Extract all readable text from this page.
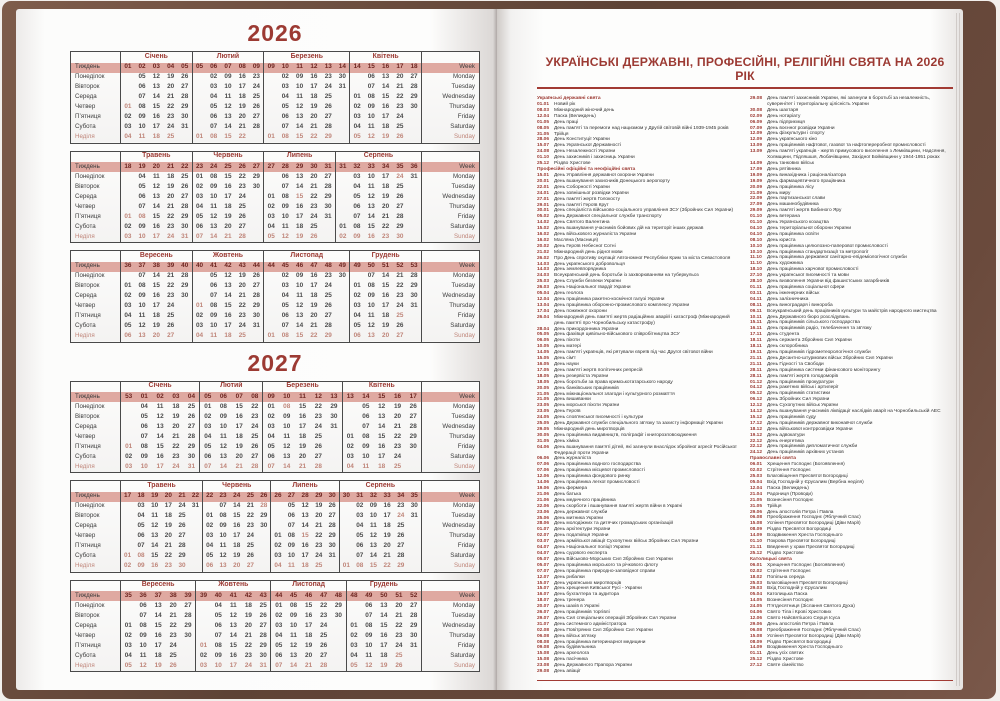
2026
	Січень					Лютий					Березень						Квітень					
Тиждень	01	02	03	04	05	05	06	07	08	09	09	10	11	12	13	14	14	15	16	17	18	Week
Понеділок		05	12	19	26		02	09	16	23		02	09	16	23	30		06	13	20	27	Monday
Вівторок		06	13	20	27		03	10	17	24		03	10	17	24	31		07	14	21	28	Tuesday
Середа		07	14	21	28		04	11	18	25		04	11	18	25		01	08	15	22	29	Wednesday
Четвер	01	08	15	22	29		05	12	19	26		05	12	19	26		02	09	16	23	30	Thursday
П’ятниця	02	09	16	23	30		06	13	20	27		06	13	20	27		03	10	17	24		Friday
Субота	03	10	17	24	31		07	14	21	28		07	14	21	28		04	11	18	25		Saturday
Неділя	04	11	18	25		01	08	15	22		01	08	15	22	29		05	12	19	26		Sunday
	Травень					Червень					Липень					Серпень						
Тиждень	18	19	20	21	22	23	24	25	26	27	27	28	29	30	31	31	32	33	34	35	36	Week
Понеділок		04	11	18	25	01	08	15	22	29		06	13	20	27		03	10	17	24	31	Monday
Вівторок		05	12	19	26	02	09	16	23	30		07	14	21	28		04	11	18	25		Tuesday
Середа		06	13	20	27	03	10	17	24		01	08	15	22	29		05	12	19	26		Wednesday
Четвер		07	14	21	28	04	11	18	25		02	09	16	23	30		06	13	20	27		Thursday
П’ятниця	01	08	15	22	29	05	12	19	26		03	10	17	24	31		07	14	21	28		Friday
Субота	02	09	16	23	30	06	13	20	27		04	11	18	25		01	08	15	22	29		Saturday
Неділя	03	10	17	24	31	07	14	21	28		05	12	19	26		02	09	16	23	30		Sunday
	Вересень					Жовтень					Листопад						Грудень					
Тиждень	36	37	38	39	40	40	41	42	43	44	44	45	46	47	48	49	49	50	51	52	53	Week
Понеділок		07	14	21	28		05	12	19	26		02	09	16	23	30		07	14	21	28	Monday
Вівторок	01	08	15	22	29		06	13	20	27		03	10	17	24		01	08	15	22	29	Tuesday
Середа	02	09	16	23	30		07	14	21	28		04	11	18	25		02	09	16	23	30	Wednesday
Четвер	03	10	17	24		01	08	15	22	29		05	12	19	26		03	10	17	24	31	Thursday
П’ятниця	04	11	18	25		02	09	16	23	30		06	13	20	27		04	11	18	25		Friday
Субота	05	12	19	26		03	10	17	24	31		07	14	21	28		05	12	19	26		Saturday
Неділя	06	13	20	27		04	11	18	25		01	08	15	22	29		06	13	20	27		Sunday
2027
	Січень					Лютий				Березень					Квітень					
Тиждень	53	01	02	03	04	05	06	07	08	09	10	11	12	13	13	14	15	16	17	Week
Понеділок		04	11	18	25	01	08	15	22	01	08	15	22	29		05	12	19	26	Monday
Вівторок		05	12	19	26	02	09	16	23	02	09	16	23	30		06	13	20	27	Tuesday
Середа		06	13	20	27	03	10	17	24	03	10	17	24	31		07	14	21	28	Wednesday
Четвер		07	14	21	28	04	11	18	25	04	11	18	25		01	08	15	22	29	Thursday
П’ятниця	01	08	15	22	29	05	12	19	26	05	12	19	26		02	09	16	23	30	Friday
Субота	02	09	16	23	30	06	13	20	27	06	13	20	27		03	10	17	24		Saturday
Неділя	03	10	17	24	31	07	14	21	28	07	14	21	28		04	11	18	25		Sunday
	Травень						Червень					Липень					Серпень						
Тиждень	17	18	19	20	21	22	22	23	24	25	26	26	27	28	29	30	30	31	32	33	34	35	Week
Понеділок		03	10	17	24	31		07	14	21	28		05	12	19	26		02	09	16	23	30	Monday
Вівторок		04	11	18	25		01	08	15	22	29		06	13	20	27		03	10	17	24	31	Tuesday
Середа		05	12	19	26		02	09	16	23	30		07	14	21	28		04	11	18	25		Wednesday
Четвер		06	13	20	27		03	10	17	24		01	08	15	22	29		05	12	19	26		Thursday
П’ятниця		07	14	21	28		04	11	18	25		02	09	16	23	30		06	13	20	27		Friday
Субота	01	08	15	22	29		05	12	19	26		03	10	17	24	31		07	14	21	28		Saturday
Неділя	02	09	16	23	30		06	13	20	27		04	11	18	25		01	08	15	22	29		Sunday
	Вересень					Жовтень					Листопад					Грудень					
Тиждень	35	36	37	38	39	39	40	41	42	43	44	45	46	47	48	48	49	50	51	52	Week
Понеділок		06	13	20	27		04	11	18	25	01	08	15	22	29		06	13	20	27	Monday
Вівторок		07	14	21	28		05	12	19	26	02	09	16	23	30		07	14	21	28	Tuesday
Середа	01	08	15	22	29		06	13	20	27	03	10	17	24		01	08	15	22	29	Wednesday
Четвер	02	09	16	23	30		07	14	21	28	04	11	18	25		02	09	16	23	30	Thursday
П’ятниця	03	10	17	24		01	08	15	22	29	05	12	19	26		03	10	17	24	31	Friday
Субота	04	11	18	25		02	09	16	23	30	06	13	20	27		04	11	18	25		Saturday
Неділя	05	12	19	26		03	10	17	24	31	07	14	21	28		05	12	19	26		Sunday
УКРАЇНСЬКІ ДЕРЖАВНІ, ПРОФЕСІЙНІ, РЕЛІГІЙНІ СВЯТА НА 2026 РІК
Українські державні свята
01.01	Новий рік
08.03	Міжнародний жіночий день
12.04	Паска (Великдень)
01.05	День праці
08.05	День пам’яті та перемоги над нацизмом у Другій світовій війні 1939-1945 років
31.05	Трійця
28.06	День Конституції України
15.07	День Української Державності
24.08	День Незалежності України
01.10	День захисників і захисниць України
25.12	Різдво Христове
Професійні офіційні та неофіційні свята
15.01	День Управління державної охорони України
20.01	День вшанування захисників Донецького аеропорту
22.01	День Соборності України
24.01	День зовнішньої розвідки України
27.01	День пам’яті жертв Голокосту
29.01	День пам’яті Героїв Крут
30.01	День спеціаліста військово-соціального управління ЗСУ (Збройних Сил України)
05.02	День Державної спеціальної служби транспорту
14.02	День Святого Валентина
15.02	День вшанування учасників бойових дій на території інших держав
16.02	День військового журналіста України
16.02	Масляна (Масниця)
20.02	День Героїв Небесної Сотні
21.02	Міжнародний день рідної мови
26.02	Про День спротиву окупації Автономної Республіки Крим та міста Севастополя
14.03	День українського добровольця
14.03	День землевпорядника
24.03	Всеукраїнський день боротьби із захворюванням на туберкульоз
25.03	День Служби безпеки України
26.03	День Національної гвардії України
05.04	День геолога
12.04	День працівника ракетно-космічної галузі України
13.04	День працівника оборонно-промислового комплексу України
17.04	День пожежної охорони
26.04	Міжнародний день пам’яті жертв радіаційних аварій і катастроф (Міжнародний день пам’яті про Чорнобильську катастрофу)
28.04	День прикордонника України
05.05	День фахівця цивільно-військового співробітництва ЗСУ
06.05	День піхоти
10.05	День матері
14.05	День пам’яті українців, які рятували євреїв під час Другої світової війни
15.05	День сім’ї
16.05	День науки
17.05	День пам’яті жертв політичних репресій
18.05	День резервіста України
18.05	День боротьби за права кримськотатарського народу
20.05	День банківських працівників
21.05	День міжнаціональної злагоди і культурного розмаїття
21.05	День вишиванки
23.05	День морської піхоти України
23.05	День Героїв
24.05	День слов’янської писемності і культури
25.05	День Державної служби спеціального зв’язку та захисту інформації України
29.05	Міжнародний день миротворців
30.05	День працівника видавництв, поліграфії і книгорозповсюдження
31.05	День хіміка
04.06	День вшанування пам’яті дітей, які загинули внаслідок збройної агресії Російської Федерації проти України
06.06	День журналіста
07.06	День працівника водного господарства
07.06	День працівника місцевої промисловості
12.06	День працівника фондового ринку
14.06	День працівника легкої промисловості
19.06	День фермера
21.06	День батька
21.06	День медичного працівника
22.06	День скорботи і вшанування пам’яті жертв війни в Україні
23.06	День державної служби
25.06	День митника України
28.06	День молодіжних та дитячих громадських організацій
01.07	День архітектури України
02.07	День податківця України
03.07	День армійської авіації Сухопутних військ Збройних Сил України
04.07	День Національної поліції України
04.07	День судового експерта
05.07	День Військово-Морських Сил Збройних Сил України
05.07	День працівника морського та річкового флоту
07.07	День працівника природно-заповідної справи
12.07	День рибалки
15.07	День українських миротворців
15.07	День хрещення Київської Русі - України
16.07	День бухгалтера та аудитора
18.07	День тренера
20.07	День шахів в Україні
26.07	День працівників торгівлі
29.07	День Сил спеціальних операцій Збройних Сил України
31.07	День системного адміністратора
02.08	День Повітряних Сил Збройних Сил України
06.08	День військ зв’язку
08.08	День працівника ветеринарної медицини
09.08	День будівельника
15.08	День археолога
15.08	День пасічника
23.08	День Державного Прапора України
29.08	День авіації
29.08	День пам’яті захисників України, які загинули в боротьбі за незалежність, суверенітет і територіальну цілісність України
30.08	День шахтаря
02.09	День нотаріату
06.09	День підприємця
07.09	День воєнної розвідки України
12.09	День фізкультури і спорту
12.09	День українського кіно
13.09	День працівників нафтової, газової та нафтопереробної промисловості
13.09	День пам’яті українців - жертв примусового виселення з Лемківщини, Надсяння, Холмщини, Підляшшя, Любачівщини, Західної Бойківщини у 1944-1951 роках
14.09	День танкових військ
17.09	День рятівника
19.09	День винахідника і раціоналізатора
19.09	День фармацевтичного працівника
20.09	День працівника лісу
21.09	День миру
22.09	День партизанської слави
27.09	День машинобудівника
29.09	День пам’яті жертв Бабиного Яру
01.10	День ветерана
01.10	День Українського козацтва
04.10	День територіальної оборони України
04.10	День працівника освіти
08.10	День юриста
10.10	День працівника целюлозно-паперової промисловості
10.10	День працівника стандартизації та метрології
11.10	День працівника державної санітарно-епідеміологічної служби
11.10	День художника
18.10	День працівника харчової промисловості
27.10	День української писемності та мови
28.10	День визволення України від фашистських загарбників
01.11	День працівника соціальної сфери
03.11	День інженерних військ
04.11	День залізничника
08.11	День виноградаря і винороба
09.11	Всеукраїнський день працівників культури та майстрів народного мистецтва
10.11	День Державного бюро розслідувань
15.11	День працівників сільського господарства
16.11	День працівників радіо, телебачення та зв’язку
17.11	День студента
18.11	День сержанта Збройних Сил України
18.11	День склоробника
19.11	День працівників гідрометеорологічної служби
21.11	День Десантно-штурмових військ Збройних Сил України
21.11	День Гідності та Свободи
28.11	День працівника системи фінансового моніторингу
28.11	День пам’яті жертв голодоморів
01.12	День працівників прокуратури
04.12	День ракетних військ і артилерії
05.12	День працівників статистики
06.12	День Збройних Сил України
12.12	День Сухопутних військ України
14.12	День вшанування учасників ліквідації наслідків аварії на Чорнобильській АЕС
15.12	День працівників суду
17.12	День працівників державної виконавчої служби
18.12	День військової контррозвідки України
19.12	День адвокатури
22.12	День енергетика
22.12	День працівників дипломатичної служби
24.12	День працівників архівних установ
Православні свята
06.01	Хрещення Господнє (Богоявлення)
02.02	Стрітення Господнє
25.03	Благовіщення Пресвятої Богородиці
05.04	Вхід Господній у Єрусалим (Вербна неділя)
12.04	Паска (Великдень)
21.04	Радониця (Проводи)
21.05	Вознесіння Господнє
31.05	Трійця
29.06	День апостолів Петра і Павла
06.08	Преображення Господнє (Яблучний Спас)
15.08	Успіння Пресвятої Богородиці (Діви Марії)
08.09	Різдво Пресвятої Богородиці
14.09	Воздвиження Хреста Господнього
01.10	Покрова Пресвятої Богородиці
21.11	Введення у храм Пресвятої Богородиці
25.12	Різдво Христове
Католицькі свята
06.01	Хрещення Господнє (Богоявлення)
02.02	Стрітення Господнє
18.02	Попільна середа
25.03	Благовіщення Пресвятої Богородиці
29.03	Вхід Господній у Єрусалим
05.04	Католицька Паска
14.05	Вознесіння Господнє
24.05	П’ятдесятниця (Зіслання Святого Духа)
04.06	Свято Тіла і Крові Христових
12.06	Свято Найсвятішого Серця Ісуса
29.06	День апостолів Петра і Павла
06.08	Преображення Господнє (Яблучний Спас)
15.08	Успіння Пресвятої Богородиці (Діви Марії)
08.09	Різдво Пресвятої Богородиці
14.09	Воздвиження Хреста Господнього
01.11	День усіх святих
25.12	Різдво Христове
27.12	Святе сімейство
